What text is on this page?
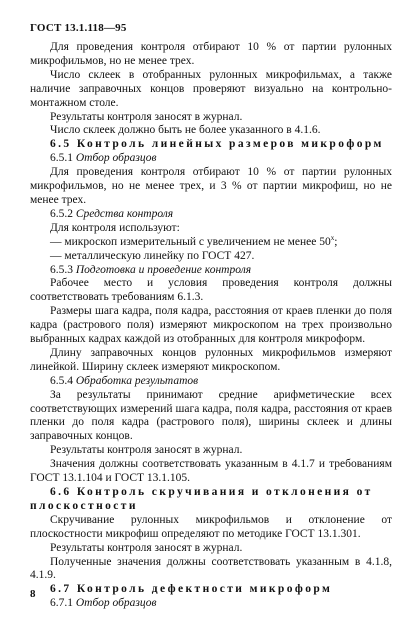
ГОСТ 13.1.118—95

Для проведения контроля отбирают 10 % от партии рулонных микрофильмов, но не менее трех.

Число склеек в отобранных рулонных микрофильмах, а также наличие заправочных концов проверяют визуально на контрольно-монтажном столе.

Результаты контроля заносят в журнал.

Число склеек должно быть не более указанного в 4.1.6.

6.5 Контроль линейных размеров микроформ

6.5.1 Отбор образцов

Для проведения контроля отбирают 10 % от партии рулонных микрофильмов, но не менее трех, и 3 % от партии микрофиш, но не менее трех.

6.5.2 Средства контроля

Для контроля используют:

— микроскоп измерительный с увеличением не менее 50$^x$;

— металлическую линейку по ГОСТ 427.

6.5.3 Подготовка и проведение контроля

Рабочее место и условия проведения контроля должны соответствовать требованиям 6.1.3.

Размеры шага кадра, поля кадра, расстояния от краев пленки до поля кадра (растрового поля) измеряют микроскопом на трех произвольно выбранных кадрах каждой из отобранных для контроля микроформ.

Длину заправочных концов рулонных микрофильмов измеряют линейкой. Ширину склеек измеряют микроскопом.

6.5.4 Обработка результатов

За результаты принимают средние арифметические всех соответствующих измерений шага кадра, поля кадра, расстояния от краев пленки до поля кадра (растрового поля), ширины склеек и длины заправочных концов.

Результаты контроля заносят в журнал.

Значения должны соответствовать указанным в 4.1.7 и требованиям ГОСТ 13.1.104 и ГОСТ 13.1.105.

6.6 Контроль скручивания и отклонения от плоскостности

Скручивание рулонных микрофильмов и отклонение от плоскостности микрофиш определяют по методике ГОСТ 13.1.301.

Результаты контроля заносят в журнал.

Полученные значения должны соответствовать указанным в 4.1.8, 4.1.9.

6.7 Контроль дефектности микроформ

6.7.1 Отбор образцов

8
